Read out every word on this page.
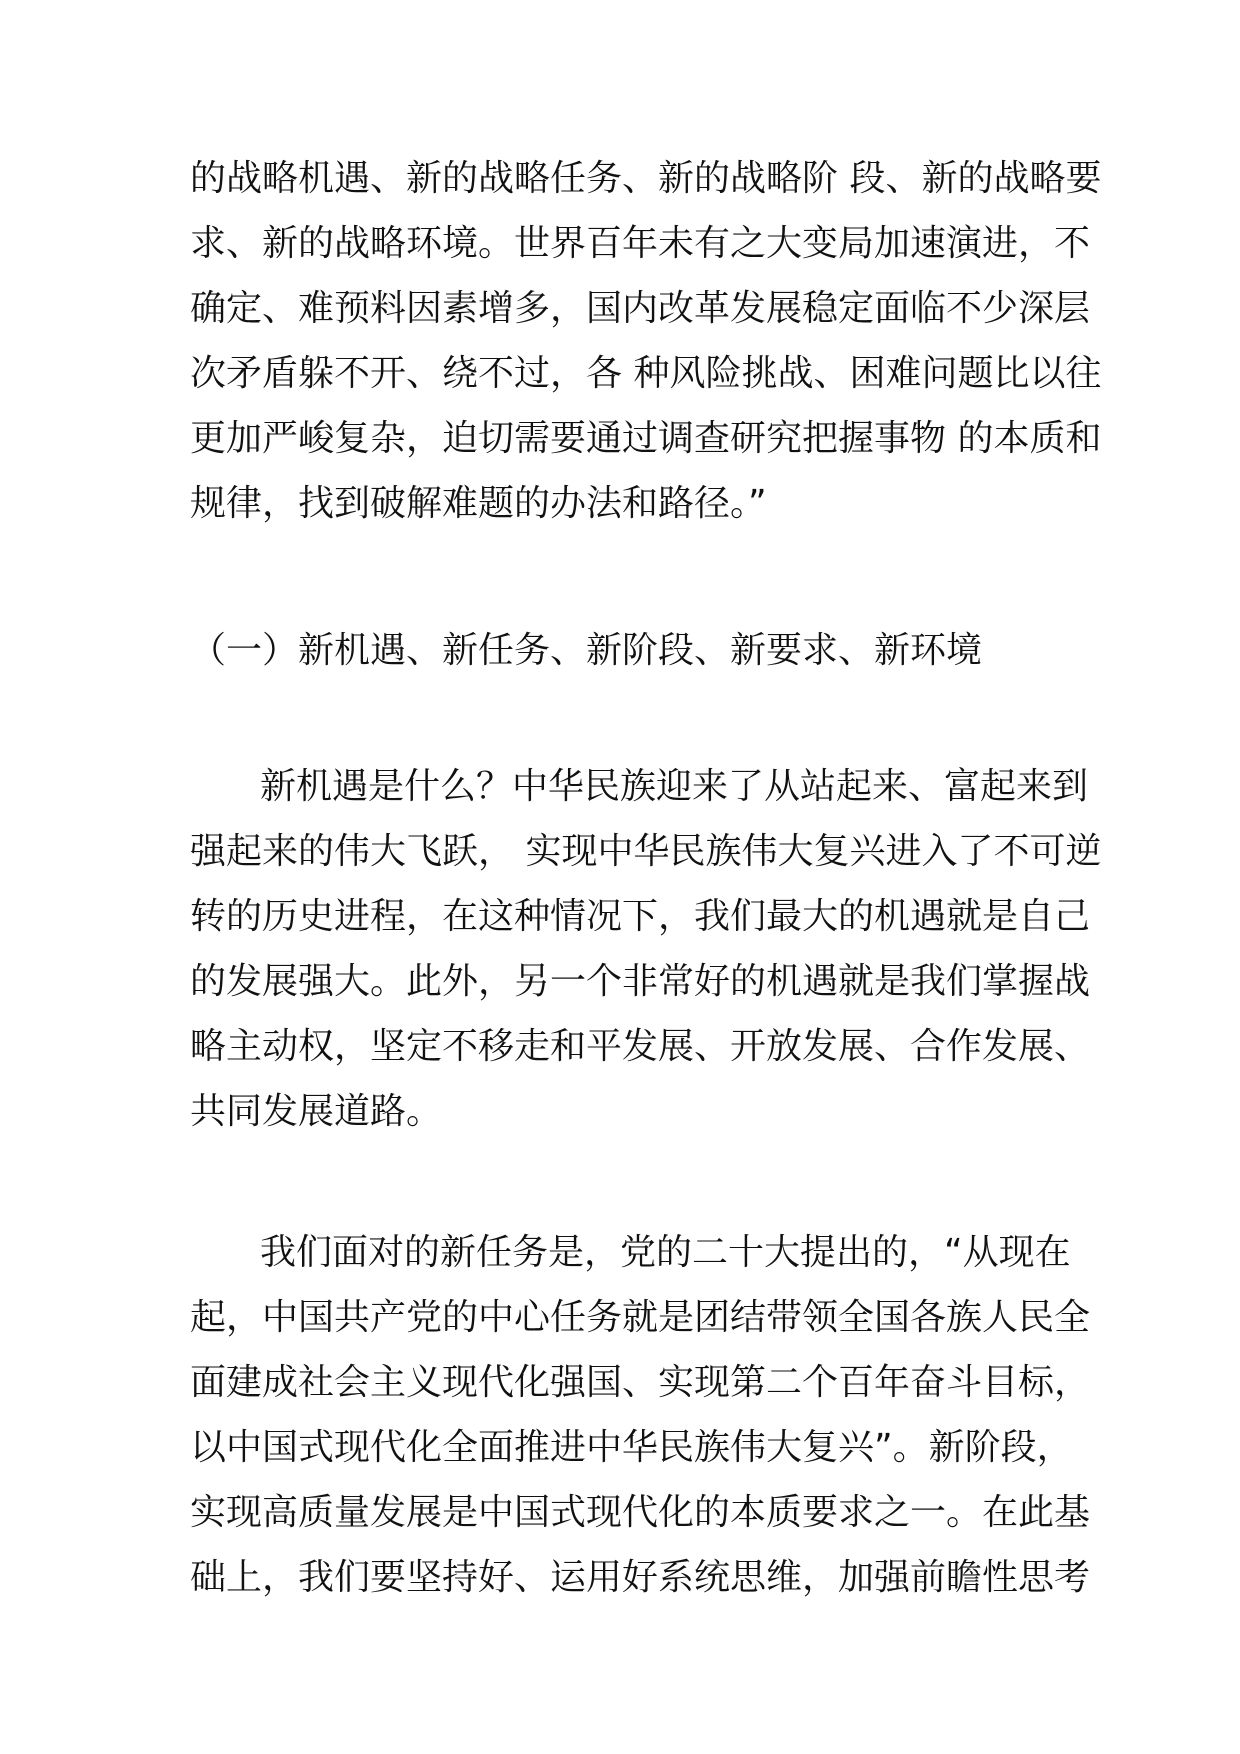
的战略机遇、新的战略任务、新的战略阶 段、新的战略要
求、新的战略环境。世界百年未有之大变局加速演进，不
确定、难预料因素增多，国内改革发展稳定面临不少深层
次矛盾躲不开、绕不过，各 种风险挑战、困难问题比以往
更加严峻复杂，迫切需要通过调查研究把握事物 的本质和
规律，找到破解难题的办法和路径。”
（一）新机遇、新任务、新阶段、新要求、新环境
新机遇是什么？中华民族迎来了从站起来、富起来到
强起来的伟大飞跃， 实现中华民族伟大复兴进入了不可逆
转的历史进程，在这种情况下，我们最大的机遇就是自己
的发展强大。此外，另一个非常好的机遇就是我们掌握战
略主动权，坚定不移走和平发展、开放发展、合作发展、
共同发展道路。
我们面对的新任务是，党的二十大提出的，“从现在
起，中国共产党的中心任务就是团结带领全国各族人民全
面建成社会主义现代化强国、实现第二个百年奋斗目标，
以中国式现代化全面推进中华民族伟大复兴”。新阶段，
实现高质量发展是中国式现代化的本质要求之一。在此基
础上，我们要坚持好、运用好系统思维，加强前瞻性思考
